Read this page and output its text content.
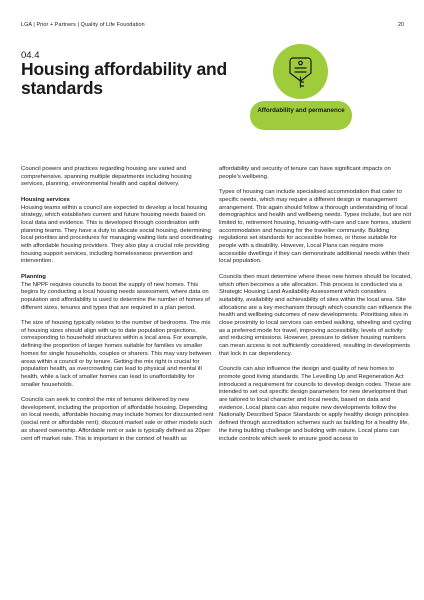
LGA | Prior + Partners | Quality of Life Foundation	20
04.4
Housing affordability and standards
Affordability and permanence

Council powers and practices regarding housing are varied and comprehensive, spanning multiple departments including housing services, planning, environmental health and capital delivery.

Housing services

Housing teams within a council are expected to develop a local housing strategy, which establishes current and future housing needs based on local data and evidence. This is developed through coordination with planning teams. They have a duty to allocate social housing, determining local priorities and procedures for managing waiting lists and coordinating with affordable housing providers. They also play a crucial role providing housing support services, including homelessness prevention and intervention.

Planning

The NPPF requires councils to boost the supply of new homes. This begins by conducting a local housing needs assessment, where data on population and affordability is used to determine the number of homes of different sizes, tenures and types that are required in a plan period.

The size of housing typically relates to the number of bedrooms. The mix of housing sizes should align with up to date population projections, corresponding to household structures within a local area. For example, defining the proportion of larger homes suitable for families vs smaller homes for single households, couples or sharers. This may vary between areas within a council or by tenure. Getting the mix right is crucial for population health, as overcrowding can lead to physical and mental ill health, while a lack of smaller homes can lead to unaffordability for smaller households.

Councils can seek to control the mix of tenures delivered by new development, including the proportion of affordable housing. Depending on local needs, affordable housing may include homes for discounted rent (social rent or affordable rent), discount market sale or other models such as shared ownership. Affordable rent or sale is typically defined as 20per cent off market rate. This is important in the context of health as

affordability and security of tenure can have significant impacts on people's wellbeing.

Types of housing can include specialised accommodation that cater to specific needs, which may require a different design or management arrangement. This again should follow a thorough understanding of local demographics and health and wellbeing needs. Types include, but are not limited to, retirement housing, housing-with-care and care homes, student accommodation and housing for the traveller community. Building regulations set standards for accessible homes, or those suitable for people with a disability. However, Local Plans can require more accessible dwellings if they can demonstrate additional needs within their local population.

Councils then must determine where these new homes should be located, which often becomes a site allocation. This process is conducted via a Strategic Housing Land Availability Assessment which considers suitability, availability and achievability of sites within the local area. Site allocations are a key mechanism through which councils can influence the health and wellbeing outcomes of new developments. Prioritising sites in close proximity to local services can embed walking, wheeling and cycling as a preferred mode for travel, improving accessibility, levels of activity and reducing emissions. However, pressure to deliver housing numbers can mean access is not sufficiently considered, resulting in developments that lock in car dependency.

Councils can also influence the design and quality of new homes to promote good living standards. The Levelling Up and Regeneration Act introduced a requirement for councils to develop design codes. These are intended to set out specific design parameters for new development that are tailored to local character and local needs, based on data and evidence. Local plans can also require new developments follow the Nationally Described Space Standards or apply healthy design principles defined through accreditation schemes such as building for a healthy life, the living building challenge and building with nature. Local plans can include controls which seek to ensure good access to
